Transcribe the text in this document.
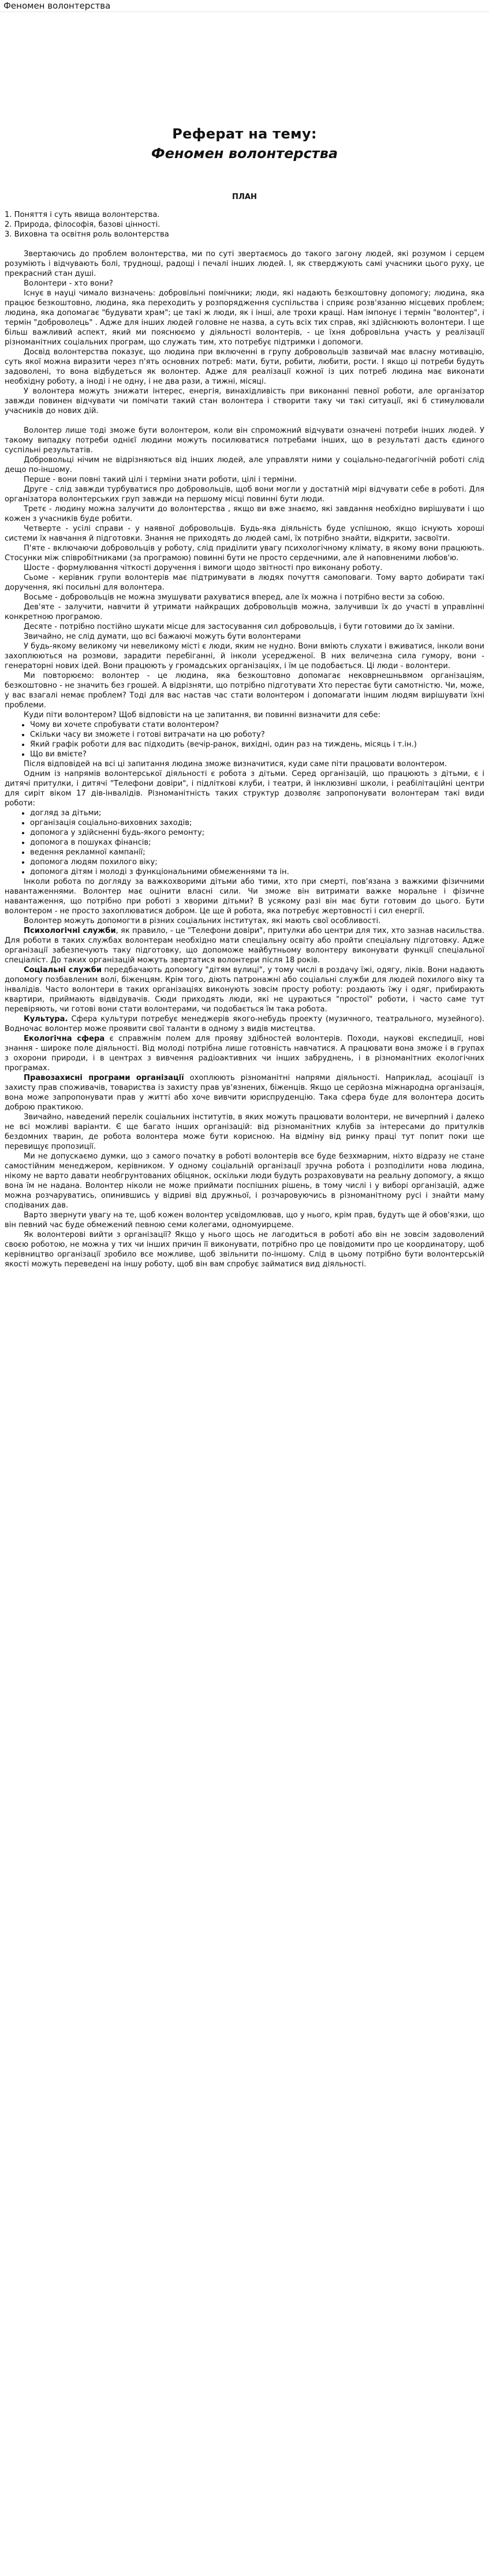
Феномен волонтерства
Реферат на тему:
Феномен волонтерства
ПЛАН
1. Поняття і суть явища волонтерства.
2. Природа, філософія, базові цінності.
3. Виховна та освітня роль волонтерства

Звертаючись до проблем волонтерства, ми по суті звертаємось до такого загону людей, які розумом і серцем розуміють і відчувають болі, труднощі, радощі і печалі інших людей. І, як стверджують самі учасники цього руху, це прекрасний стан душі.

Волонтери - хто вони?

Існує в науці чимало визначень: добровільні помічники; люди, які надають безкоштовну допомогу; людина, яка працює безкоштовно, людина, яка переходить у розпорядження суспільства і сприяє розв'язанню місцевих проблем; людина, яка допомагає "будувати храм"; це такі ж люди, як і інші, але трохи кращі. Нам імпонує і термін "волонтер", і термін "доброволець" . Адже для інших людей головне не назва, а суть всіх тих справ, які здійснюють волонтери. І ще більш важливий аспект, який ми пояснюємо у діяльності волонтерів, - це їхня добровільна участь у реалізації різноманітних соціальних програм, що служать тим, хто потребує підтримки і допомоги.

Досвід волонтерства показує, що людина при включенні в групу добровольців зазвичай має власну мотивацію, суть якої можна виразити через п'ять основних потреб: мати, бути, робити, любити, рости. І якщо ці потреби будуть задоволені, то вона відбудеться як волонтер. Адже для реалізації кожної із цих потреб людина має виконати необхідну роботу, а іноді і не одну, і не два рази, а тижні, місяці.

У волонтера можуть знижати інтерес, енергія, винахідливість при виконанні певної роботи, але організатор завжди повинен відчувати чи помічати такий стан волонтера і створити таку чи такі ситуації, які б стимулювали учасників до нових дій.

Волонтер лише тоді зможе бути волонтером, коли він спроможний відчувати означені потреби інших людей. У такому випадку потреби однієї людини можуть посилюватися потребами інших, що в результаті дасть єдиного суспільні результатів.

Добровольці нічим не відрізняються від інших людей, але управляти ними у соціально-педагогічній роботі слід дещо по-іншому.

Перше - вони повні такий цілі і терміни знати роботи, цілі і терміни.

Друге - слід завжди турбуватися про добровольців, щоб вони могли у достатній мірі відчувати себе в роботі. Для організатора волонтерських груп завжди на першому місці повинні бути люди.

Третє - людину можна залучити до волонтерства , якщо ви вже знаємо, які завдання необхідно вирішувати і що кожен з учасників буде робити.

Четверте - усілі справи - у наявної добровольців. Будь-яка діяльність буде успішною, якщо існують хороші системи їх навчання й підготовки. Знання не приходять до людей самі, їх потрібно знайти, відкрити, засвоїти.

П'яте - включаючи добровольців у роботу, слід приділити увагу психологічному клімату, в якому вони працюють. Стосунки між співробітниками (за програмою) повинні бути не просто сердечними, але й наповненими любов'ю.

Шосте - формулювання чіткості доручення і вимоги щодо звітності про виконану роботу.

Сьоме - керівник групи волонтерів має підтримувати в людях почуття самоповаги. Тому варто добирати такі доручення, які посильні для волонтера.

Восьме - добровольців не можна змушувати рахуватися вперед, але їх можна і потрібно вести за собою.

Дев'яте - залучити, навчити й утримати найкращих добровольців можна, залучивши їх до участі в управлінні конкретною програмою.

Десяте - потрібно постійно шукати місце для застосування сил добровольців, і бути готовими до їх заміни.

Звичайно, не слід думати, що всі бажаючі можуть бути волонтерами

У будь-якому великому чи невеликому місті є люди, яким не нудно. Вони вміють слухати і вживатися, інколи вони захоплюються на розмови, зарадити перебіганні, й інколи усередженої. В них величезна сила гумору, вони - генераторні нових ідей. Вони працюють у громадських організаціях, і їм це подобається. Ці люди - волонтери.

Ми повторюємо: волонтер - це людина, яка безкоштовно допомагає нековрнешньвмом організаціям, безкоштовно - не значить без грошей. А відрізняти, що потрібно підготувати Хто перестає бути самотністю. Чи, може, у вас взагалі немає проблем? Тоді для вас настав час стати волонтером і допомагати іншим людям вирішувати їхні проблеми.

Куди піти волонтером? Щоб відповісти на це запитання, ви повинні визначити для себе:

• Чому ви хочете спробувати стати волонтером?
• Скільки часу ви зможете і готові витрачати на цю роботу?
• Який графік роботи для вас підходить (вечір-ранок, вихідні, один раз на тиждень, місяць і т.ін.)
• Що ви вмієте?

Після відповідей на всі ці запитання людина зможе визначитися, куди саме піти працювати волонтером.

Одним із напрямів волонтерської діяльності є робота з дітьми. Серед організацій, що працюють з дітьми, є і дитячі притулки, і дитячі "Телефони довіри", і підліткові клуби, і театри, й інклюзивні школи, і реабілітаційні центри для сиріт віком 17 дів-інвалідів. Різноманітність таких структур дозволяє запропонувати волонтерам такі види роботи:

• догляд за дітьми;
• організація соціально-виховних заходів;
• допомога у здійсненні будь-якого ремонту;
• допомога в пошуках фінансів;
• ведення рекламної кампанії;
• допомога людям похилого віку;
• допомога дітям і молоді з функціональними обмеженнями та ін.

Інколи робота по догляду за важкохворими дітьми або тими, хто при смерті, пов'язана з важкими фізичними навантаженнями. Волонтер має оцінити власні сили. Чи зможе він витримати важке моральне і фізичне навантаження, що потрібно при роботі з хворими дітьми? В усякому разі він має бути готовим до цього. Бути волонтером - не просто захоплюватися добром. Це ще й робота, яка потребує жертовності і сил енергії.

Волонтер можуть допомогти в різних соціальних інститутах, які мають свої особливості.

Психологічні служби, як правило, - це "Телефони довіри", притулки або центри для тих, хто зазнав насильства. Для роботи в таких службах волонтерам необхідно мати спеціальну освіту або пройти спеціальну підготовку. Адже організації забезпечують таку підготовку, що допоможе майбутньому волонтеру виконувати функції спеціальної спеціаліст. До таких організацій можуть звертатися волонтери після 18 років.

Соціальні служби передбачають допомогу "дітям вулиці", у тому числі в роздачу їжі, одягу, ліків. Вони надають допомогу позбавленим волі, біженцям. Крім того, діють патронажні або соціальні служби для людей похилого віку та інвалідів. Часто волонтери в таких організаціях виконують зовсім просту роботу: роздають їжу і одяг, прибирають квартири, приймають відвідувачів. Сюди приходять люди, які не цураються "простої" роботи, і часто саме тут перевіряють, чи готові вони стати волонтерами, чи подобається їм така робота.

Культура. Сфера культури потребує менеджерів якого-небудь проекту (музичного, театрального, музейного). Водночас волонтер може проявити свої таланти в одному з видів мистецтва.

Екологічна сфера є справжнім полем для прояву здібностей волонтерів. Походи, наукові експедиції, нові знання - широке поле діяльності. Від молоді потрібна лише готовність навчатися. А працювати вона зможе і в групах з охорони природи, і в центрах з вивчення радіоактивних чи інших забруднень, і в різноманітних екологічних програмах.

Правозахисні програми організації охоплюють різноманітні напрями діяльності. Наприклад, асоціації із захисту прав споживачів, товариства із захисту прав ув'язнених, біженців. Якщо це серйозна міжнародна організація, вона може запропонувати прав у житті або хоче вивчити юриспруденцію. Така сфера буде для волонтера досить доброю практикою.

Звичайно, наведений перелік соціальних інститутів, в яких можуть працювати волонтери, не вичерпний і далеко не всі можливі варіанти. Є ще багато інших організацій: від різноманітних клубів за інтересами до притулків бездомних тварин, де робота волонтера може бути корисною. На відміну від ринку праці тут попит поки ще перевищує пропозиції.

Ми не допускаємо думки, що з самого початку в роботі волонтерів все буде безхмарним, ніхто відразу не стане самостійним менеджером, керівником. У одному соціальній організації зручна робота і розподілити нова людина, нікому не варто давати необгрунтованих обіцянок, оскільки люди будуть розраховувати на реальну допомогу, а якщо вона їм не надана. Волонтер ніколи не може приймати поспішних рішень, в тому числі і у виборі організацій, адже можна розчаруватись, опинившись у відриві від дружньої, і розчаровуючись в різноманітному русі і знайти маму сподіваних дав.

Варто звернути увагу на те, щоб кожен волонтер усвідомлював, що у нього, крім прав, будуть ще й обов'язки, що він певний час буде обмежений певною семи колегами, одномуирцеме.

Як волонтерові вийти з організації? Якщо у нього щось не лагодиться в роботі або він не зовсім задоволений своєю роботою, не можна у тих чи інших причин її виконувати, потрібно про це повідомити про це координатору, щоб керівництво організації зробило все можливе, щоб звільнити по-іншому. Слід в цьому потрібно бути волонтерській якості можуть переведені на іншу роботу, щоб він вам спробує займатися вид діяльності.
